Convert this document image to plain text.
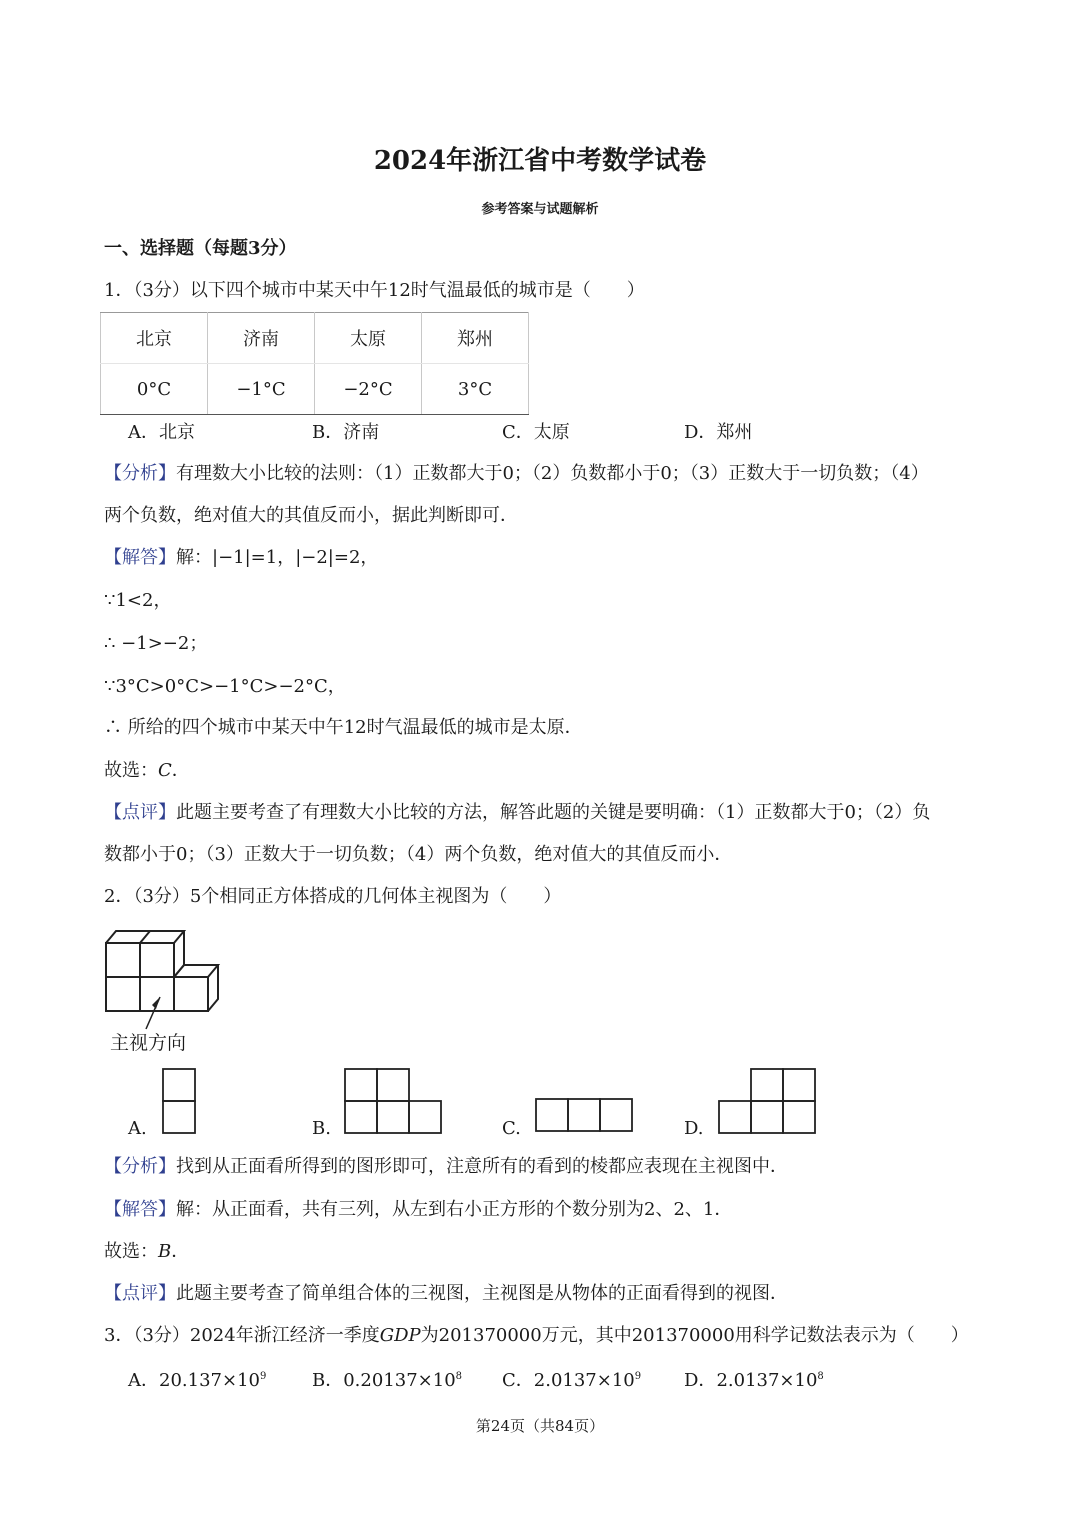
2024年浙江省中考数学试卷
参考答案与试题解析
一、选择题（每题3分）
1．（3分）以下四个城市中某天中午12时气温最低的城市是（　　）
北京	济南	太原	郑州
0°C	−1°C	−2°C	3°C
A．北京	B．济南	C．太原	D．郑州
【分析】有理数大小比较的法则：（1）正数都大于0；（2）负数都小于0；（3）正数大于一切负数；（4）
两个负数，绝对值大的其值反而小，据此判断即可．
【解答】解：|−1|=1，|−2|=2，
∵1<2，
∴ −1>−2；
∵3°C>0°C>−1°C>−2°C，
∴ 所给的四个城市中某天中午12时气温最低的城市是太原．
故选：C．
【点评】此题主要考查了有理数大小比较的方法，解答此题的关键是要明确：（1）正数都大于0；（2）负
数都小于0；（3）正数大于一切负数；（4）两个负数，绝对值大的其值反而小．
2．（3分）5个相同正方体搭成的几何体主视图为（　　）
主视方向
A.	B.	C.	D.
【分析】找到从正面看所得到的图形即可，注意所有的看到的棱都应表现在主视图中．
【解答】解：从正面看，共有三列，从左到右小正方形的个数分别为2、2、1．
故选：B．
【点评】此题主要考查了简单组合体的三视图，主视图是从物体的正面看得到的视图．
3．（3分）2024年浙江经济一季度GDP为201370000万元，其中201370000用科学记数法表示为（　　）
A．$20.137\times 10^9$	B．$0.20137\times 10^8$ C．$2.0137\times 10^9$ D．$2.0137\times 10^8$
第24页（共84页）
